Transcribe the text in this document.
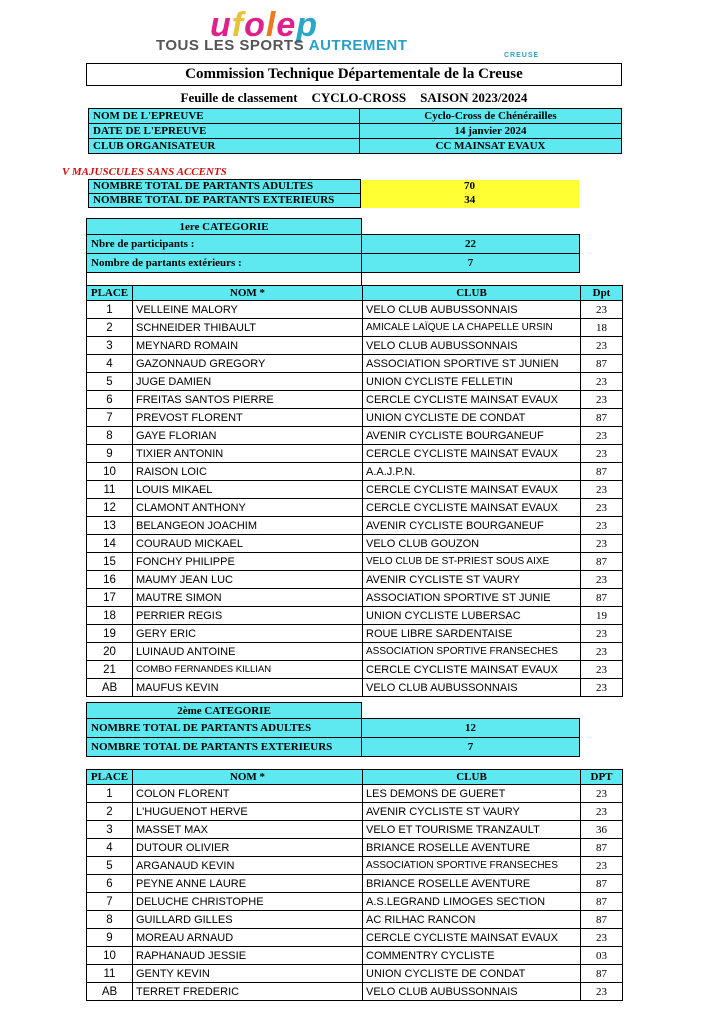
ufolep
TOUS LES SPORTS AUTREMENT
CREUSE
Commission Technique Départementale de la Creuse
Feuille de classement CYCLO-CROSS SAISON 2023/2024
NOM DE L'EPREUVE	Cyclo-Cross de Chénérailles
DATE DE L'EPREUVE	14 janvier 2024
CLUB ORGANISATEUR	CC MAINSAT EVAUX
V MAJUSCULES SANS ACCENTS
NOMBRE TOTAL DE PARTANTS ADULTES	70
NOMBRE TOTAL DE PARTANTS EXTERIEURS	34
1ere CATEGORIE	
Nbre de participants :	22
Nombre de partants extérieurs :	7

PLACE	NOM *	CLUB	Dpt
1	VELLEINE MALORY	VELO CLUB AUBUSSONNAIS	23
2	SCHNEIDER THIBAULT	AMICALE LAÏQUE LA CHAPELLE URSIN	18
3	MEYNARD ROMAIN	VELO CLUB AUBUSSONNAIS	23
4	GAZONNAUD GREGORY	ASSOCIATION SPORTIVE ST JUNIEN	87
5	JUGE DAMIEN	UNION CYCLISTE FELLETIN	23
6	FREITAS SANTOS PIERRE	CERCLE CYCLISTE MAINSAT EVAUX	23
7	PREVOST FLORENT	UNION CYCLISTE DE CONDAT	87
8	GAYE FLORIAN	AVENIR CYCLISTE BOURGANEUF	23
9	TIXIER ANTONIN	CERCLE CYCLISTE MAINSAT EVAUX	23
10	RAISON LOIC	A.A.J.P.N.	87
11	LOUIS MIKAEL	CERCLE CYCLISTE MAINSAT EVAUX	23
12	CLAMONT ANTHONY	CERCLE CYCLISTE MAINSAT EVAUX	23
13	BELANGEON JOACHIM	AVENIR CYCLISTE BOURGANEUF	23
14	COURAUD MICKAEL	VELO CLUB GOUZON	23
15	FONCHY PHILIPPE	VELO CLUB DE ST-PRIEST SOUS AIXE	87
16	MAUMY JEAN LUC	AVENIR CYCLISTE ST VAURY	23
17	MAUTRE SIMON	ASSOCIATION SPORTIVE ST JUNIE	87
18	PERRIER REGIS	UNION CYCLISTE LUBERSAC	19
19	GERY ERIC	ROUE LIBRE SARDENTAISE	23
20	LUINAUD ANTOINE	ASSOCIATION SPORTIVE FRANSECHES	23
21	COMBO FERNANDES KILLIAN	CERCLE CYCLISTE MAINSAT EVAUX	23
AB	MAUFUS KEVIN	VELO CLUB AUBUSSONNAIS	23
2ème CATEGORIE	
NOMBRE TOTAL DE PARTANTS ADULTES	12
NOMBRE TOTAL DE PARTANTS EXTERIEURS	7
PLACE	NOM *	CLUB	DPT
1	COLON FLORENT	LES DEMONS DE GUERET	23
2	L'HUGUENOT HERVE	AVENIR CYCLISTE ST VAURY	23
3	MASSET MAX	VELO ET TOURISME TRANZAULT	36
4	DUTOUR OLIVIER	BRIANCE ROSELLE AVENTURE	87
5	ARGANAUD KEVIN	ASSOCIATION SPORTIVE FRANSECHES	23
6	PEYNE ANNE LAURE	BRIANCE ROSELLE AVENTURE	87
7	DELUCHE CHRISTOPHE	A.S.LEGRAND LIMOGES SECTION	87
8	GUILLARD GILLES	AC RILHAC RANCON	87
9	MOREAU ARNAUD	CERCLE CYCLISTE MAINSAT EVAUX	23
10	RAPHANAUD JESSIE	COMMENTRY CYCLISTE	03
11	GENTY KEVIN	UNION CYCLISTE DE CONDAT	87
AB	TERRET FREDERIC	VELO CLUB AUBUSSONNAIS	23
